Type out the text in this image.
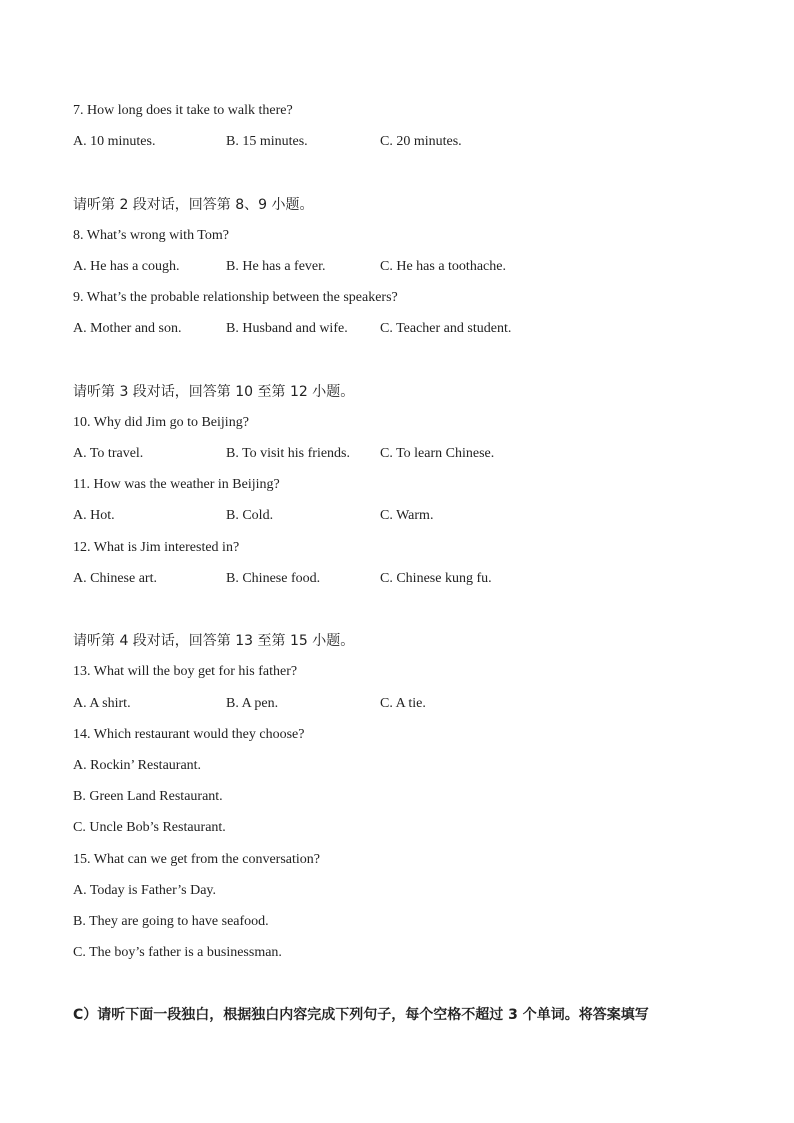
7. How long does it take to walk there?
A. 10 minutes.	B. 15 minutes.	C. 20 minutes.
请听第 2 段对话，回答第 8、9 小题。
8. What’s wrong with Tom?
A. He has a cough.	B. He has a fever.	C. He has a toothache.
9. What’s the probable relationship between the speakers?
A. Mother and son.	B. Husband and wife. C. Teacher and student.
请听第 3 段对话，回答第 10 至第 12 小题。
10. Why did Jim go to Beijing?
A. To travel.	B. To visit his friends. C. To learn Chinese.
11. How was the weather in Beijing?
A. Hot.	B. Cold.	C. Warm.
12. What is Jim interested in?
A. Chinese art.	B. Chinese food.	C. Chinese kung fu.
请听第 4 段对话，回答第 13 至第 15 小题。
13. What will the boy get for his father?
A. A shirt.	B. A pen.	C. A tie.
14. Which restaurant would they choose?
A. Rockin’ Restaurant.
B. Green Land Restaurant.
C. Uncle Bob’s Restaurant.
15. What can we get from the conversation?
A. Today is Father’s Day.
B. They are going to have seafood.
C. The boy’s father is a businessman.
C）请听下面一段独白，根据独白内容完成下列句子，每个空格不超过 3 个单词。将答案填写
